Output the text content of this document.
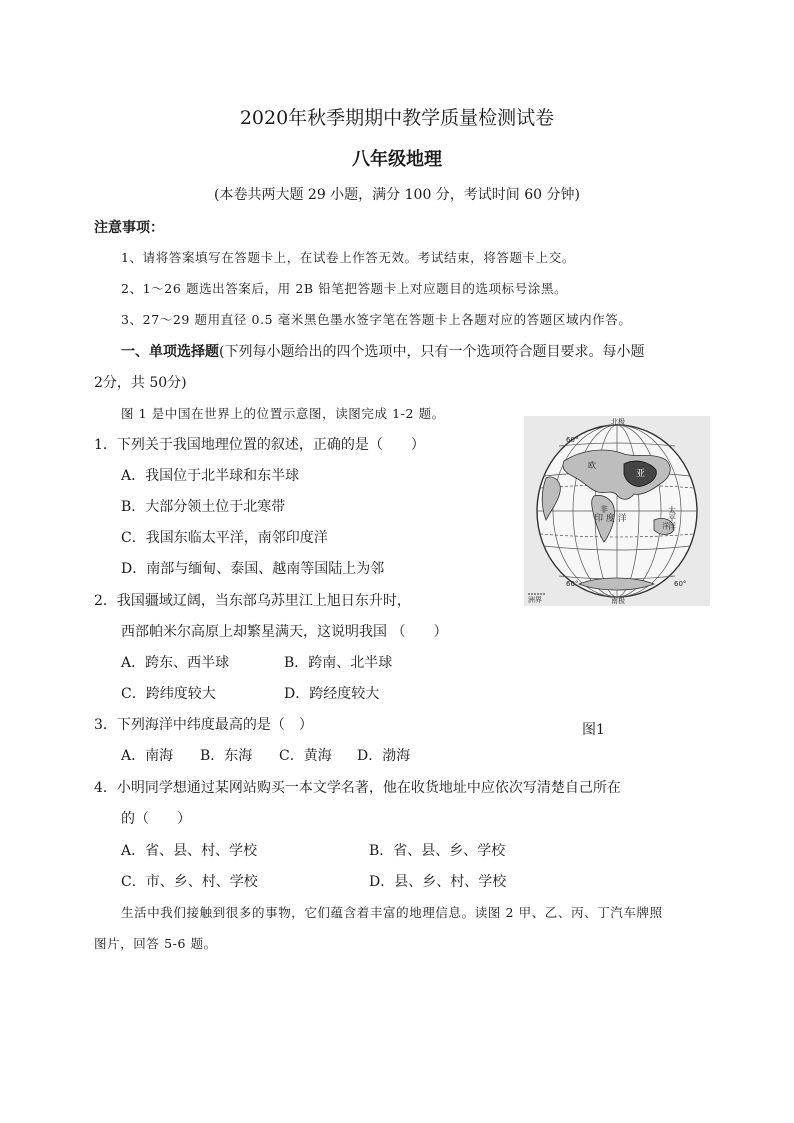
2020年秋季期期中教学质量检测试卷
八年级地理
(本卷共两大题 29 小题，满分 100 分，考试时间 60 分钟)
注意事项：
1、请将答案填写在答题卡上，在试卷上作答无效。考试结束，将答题卡上交。
2、1～26 题选出答案后，用 2B 铅笔把答题卡上对应题目的选项标号涂黑。
3、27～29 题用直径 0.5 毫米黑色墨水签字笔在答题卡上各题对应的答题区域内作答。
一、单项选择题(下列每小题给出的四个选项中，只有一个选项符合题目要求。每小题
2分，共 50分)
图 1 是中国在世界上的位置示意图，读图完成 1-2 题。
1．下列关于我国地理位置的叙述，正确的是（　　）
A．我国位于北半球和东半球
B．大部分领土位于北寒带
C．我国东临太平洋，南邻印度洋
D．南部与缅甸、泰国、越南等国陆上为邻
2．我国疆域辽阔，当东部乌苏里江上旭日东升时，
西部帕米尔高原上却繁星满天，这说明我国 （　　）
A．跨东、西半球	B．跨南、北半球
C．跨纬度较大	D．跨经度较大
3．下列海洋中纬度最高的是（　）	图1
A．南海 B．东海 C．黄海 D．渤海
4．小明同学想通过某网站购买一本文学名著，他在收货地址中应依次写清楚自己所在
的（　　）
A．省、县、村、学校	B．省、县、乡、学校
C．市、乡、村、学校	D．县、乡、村、学校
生活中我们接触到很多的事物，它们蕴含着丰富的地理信息。读图 2 甲、乙、丙、丁汽车牌照
图片，回答 5-6 题。
北极
南极
印 度 洋	太平洋
亚
非
欧
洋
60°
60°	60°
洲界
